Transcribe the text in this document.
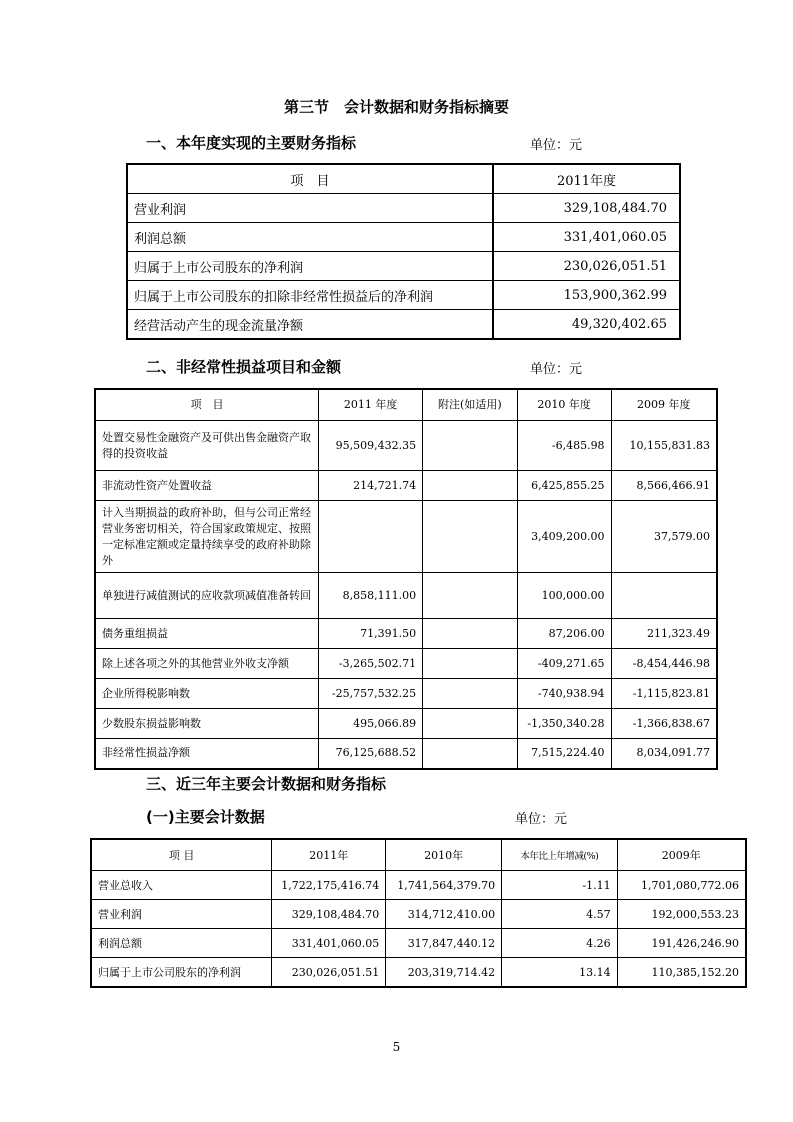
第三节　会计数据和财务指标摘要
一、本年度实现的主要财务指标	单位：元
项　目	2011年度
营业利润	329,108,484.70
利润总额	331,401,060.05
归属于上市公司股东的净利润	230,026,051.51
归属于上市公司股东的扣除非经常性损益后的净利润	153,900,362.99
经营活动产生的现金流量净额	49,320,402.65
二、非经常性损益项目和金额	单位：元
项　目	2011 年度	附注(如适用)	2010 年度	2009 年度
处置交易性金融资产及可供出售金融资产取得的投资收益	95,509,432.35		-6,485.98	10,155,831.83
非流动性资产处置收益	214,721.74		6,425,855.25	8,566,466.91
计入当期损益的政府补助，但与公司正常经营业务密切相关，符合国家政策规定、按照一定标准定额或定量持续享受的政府补助除外			3,409,200.00	37,579.00
单独进行减值测试的应收款项减值准备转回	8,858,111.00		100,000.00	
债务重组损益	71,391.50		87,206.00	211,323.49
除上述各项之外的其他营业外收支净额	-3,265,502.71		-409,271.65	-8,454,446.98
企业所得税影响数	-25,757,532.25		-740,938.94	-1,115,823.81
少数股东损益影响数	495,066.89		-1,350,340.28	-1,366,838.67
非经常性损益净额	76,125,688.52		7,515,224.40	8,034,091.77
三、近三年主要会计数据和财务指标
(一)主要会计数据	单位：元
项 目	2011年	2010年	本年比上年增减(%)	2009年
营业总收入	1,722,175,416.74	1,741,564,379.70	-1.11	1,701,080,772.06
营业利润	329,108,484.70	314,712,410.00	4.57	192,000,553.23
利润总额	331,401,060.05	317,847,440.12	4.26	191,426,246.90
归属于上市公司股东的净利润	230,026,051.51	203,319,714.42	13.14	110,385,152.20
5
